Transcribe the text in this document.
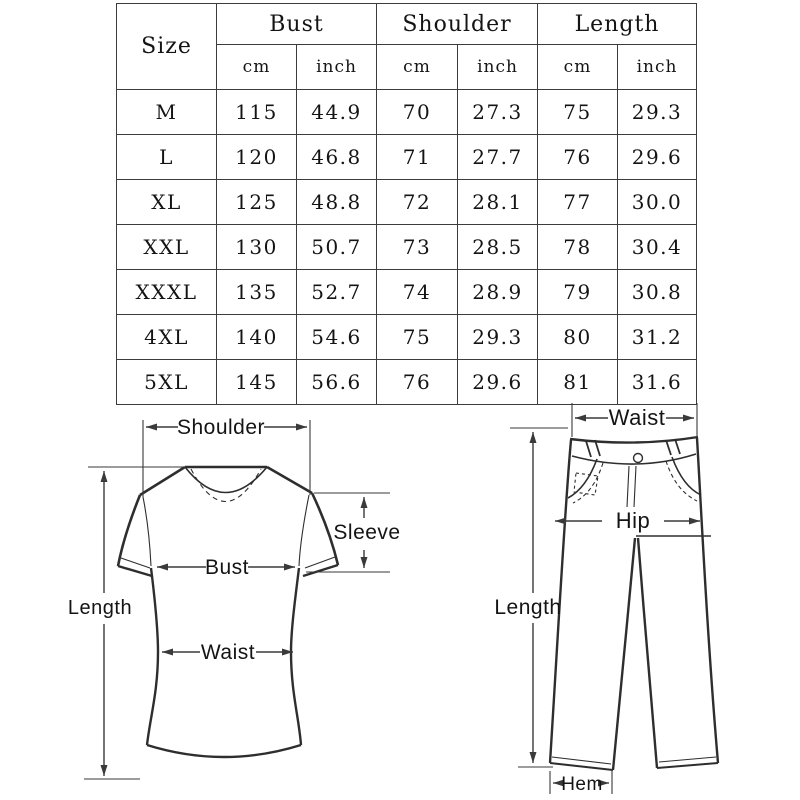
Size	Bust		Shoulder		Length	
	cm	inch	cm	inch	cm	inch
M	115	44.9	70	27.3	75	29.3
L	120	46.8	71	27.7	76	29.6
XL	125	48.8	72	28.1	77	30.0
XXL	130	50.7	73	28.5	78	30.4
XXXL	135	52.7	74	28.9	79	30.8
4XL	140	54.6	75	29.3	80	31.2
5XL	145	56.6	76	29.6	81	31.6
Shoulder
Length
Sleeve
Bust
Waist
Waist
Length
Hip
Hem
